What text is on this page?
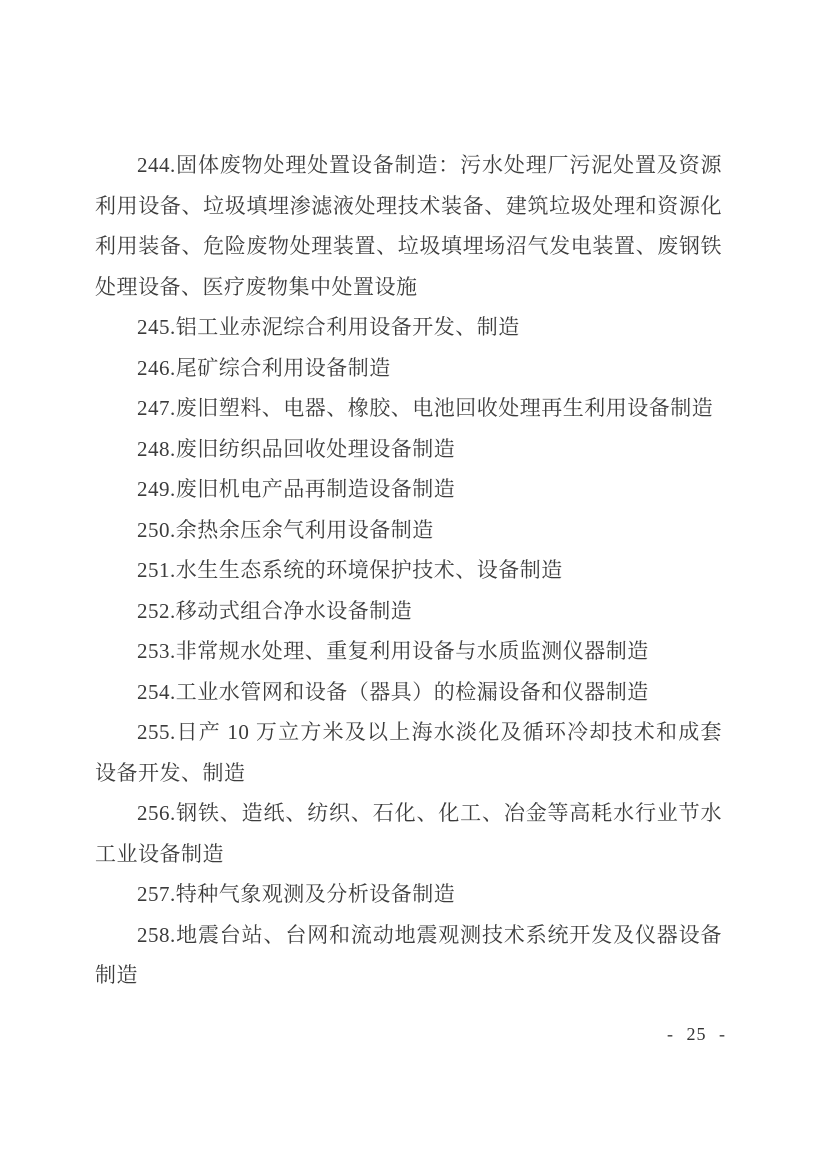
244.固体废物处理处置设备制造：污水处理厂污泥处置及资源利用设备、垃圾填埋渗滤液处理技术装备、建筑垃圾处理和资源化利用装备、危险废物处理装置、垃圾填埋场沼气发电装置、废钢铁处理设备、医疗废物集中处置设施

245.铝工业赤泥综合利用设备开发、制造

246.尾矿综合利用设备制造

247.废旧塑料、电器、橡胶、电池回收处理再生利用设备制造

248.废旧纺织品回收处理设备制造

249.废旧机电产品再制造设备制造

250.余热余压余气利用设备制造

251.水生生态系统的环境保护技术、设备制造

252.移动式组合净水设备制造

253.非常规水处理、重复利用设备与水质监测仪器制造

254.工业水管网和设备（器具）的检漏设备和仪器制造

255.日产 10 万立方米及以上海水淡化及循环冷却技术和成套设备开发、制造

256.钢铁、造纸、纺织、石化、化工、冶金等高耗水行业节水工业设备制造

257.特种气象观测及分析设备制造

258.地震台站、台网和流动地震观测技术系统开发及仪器设备制造

- 25 -
